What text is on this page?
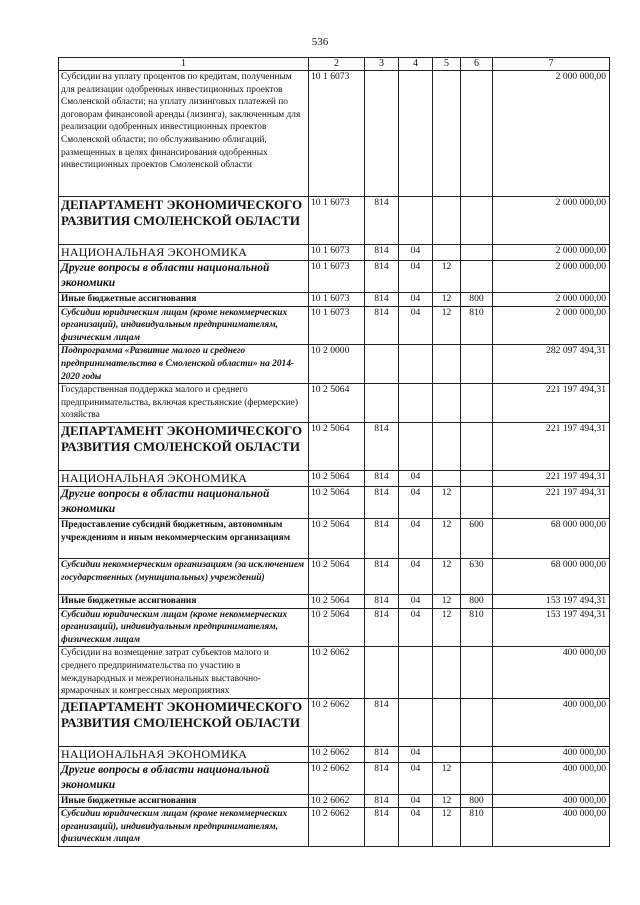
536
1	2	3	4	5	6	7
Субсидии на уплату процентов по кредитам, полученным для реализации одобренных инвестиционных проектов Смоленской области; на уплату лизинговых платежей по договорам финансовой аренды (лизинга), заключенным для реализации одобренных инвестиционных проектов Смоленской области; по обслуживанию облигаций, размещенных в целях финансирования одобренных инвестиционных проектов Смоленской области	10 1 6073					2 000 000,00
ДЕПАРТАМЕНТ ЭКОНОМИЧЕСКОГО РАЗВИТИЯ СМОЛЕНСКОЙ ОБЛАСТИ	10 1 6073	814				2 000 000,00
НАЦИОНАЛЬНАЯ ЭКОНОМИКА	10 1 6073	814	04			2 000 000,00
Другие вопросы в области национальной экономики	10 1 6073	814	04	12		2 000 000,00
Иные бюджетные ассигнования	10 1 6073	814	04	12	800	2 000 000,00
Субсидии юридическим лицам (кроме некоммерческих организаций), индивидуальным предпринимателям, физическим лицам	10 1 6073	814	04	12	810	2 000 000,00
Подпрограмма «Развитие малого и среднего предпринимательства в Смоленской области» на 2014-2020 годы	10 2 0000					282 097 494,31
Государственная поддержка малого и среднего предпринимательства, включая крестьянские (фермерские) хозяйства	10 2 5064					221 197 494,31
ДЕПАРТАМЕНТ ЭКОНОМИЧЕСКОГО РАЗВИТИЯ СМОЛЕНСКОЙ ОБЛАСТИ	10 2 5064	814				221 197 494,31
НАЦИОНАЛЬНАЯ ЭКОНОМИКА	10 2 5064	814	04			221 197 494,31
Другие вопросы в области национальной экономики	10 2 5064	814	04	12		221 197 494,31
Предоставление субсидий бюджетным, автономным учреждениям и иным некоммерческим организациям	10 2 5064	814	04	12	600	68 000 000,00
Субсидии некоммерческим организациям (за исключением государственных (муниципальных) учреждений)	10 2 5064	814	04	12	630	68 000 000,00
Иные бюджетные ассигнования	10 2 5064	814	04	12	800	153 197 494,31
Субсидии юридическим лицам (кроме некоммерческих организаций), индивидуальным предпринимателям, физическим лицам	10 2 5064	814	04	12	810	153 197 494,31
Субсидии на возмещение затрат субъектов малого и среднего предпринимательства по участию в международных и межрегиональных выставочно-ярмарочных и конгрессных мероприятиях	10 2 6062					400 000,00
ДЕПАРТАМЕНТ ЭКОНОМИЧЕСКОГО РАЗВИТИЯ СМОЛЕНСКОЙ ОБЛАСТИ	10 2 6062	814				400 000,00
НАЦИОНАЛЬНАЯ ЭКОНОМИКА	10 2 6062	814	04			400 000,00
Другие вопросы в области национальной экономики	10 2 6062	814	04	12		400 000,00
Иные бюджетные ассигнования	10 2 6062	814	04	12	800	400 000,00
Субсидии юридическим лицам (кроме некоммерческих организаций), индивидуальным предпринимателям, физическим лицам	10 2 6062	814	04	12	810	400 000,00
